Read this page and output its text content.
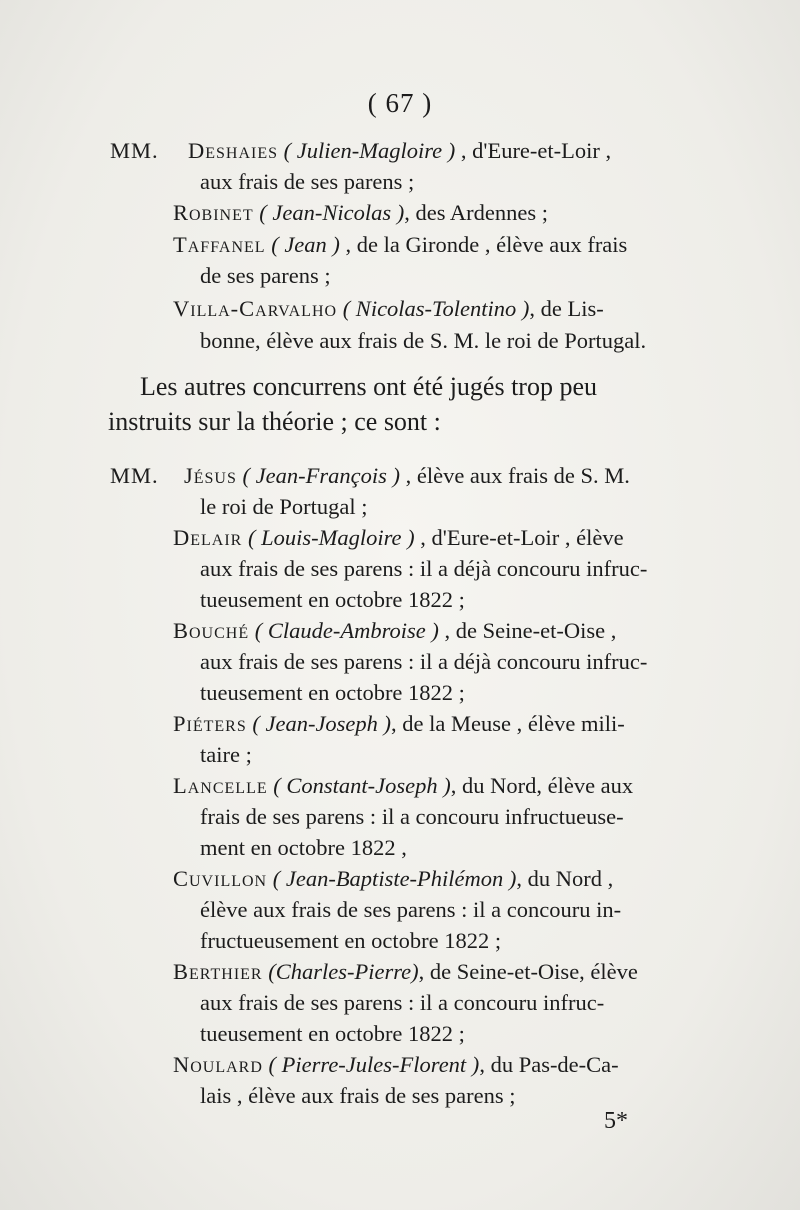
( 67 )
MM. Deshaies ( Julien-Magloire ) , d'Eure-et-Loir ,
aux frais de ses parens ;
Robinet ( Jean-Nicolas ), des Ardennes ;
Taffanel ( Jean ) , de la Gironde , élève aux frais
de ses parens ;
Villa-Carvalho ( Nicolas-Tolentino ), de Lis-
bonne, élève aux frais de S. M. le roi de Portugal.
Les autres concurrens ont été jugés trop peu
instruits sur la théorie ; ce sont :
MM. Jésus ( Jean-François ) , élève aux frais de S. M.
le roi de Portugal ;
Delair ( Louis-Magloire ) , d'Eure-et-Loir , élève
aux frais de ses parens : il a déjà concouru infruc-
tueusement en octobre 1822 ;
Bouché ( Claude-Ambroise ) , de Seine-et-Oise ,
aux frais de ses parens : il a déjà concouru infruc-
tueusement en octobre 1822 ;
Piéters ( Jean-Joseph ), de la Meuse , élève mili-
taire ;
Lancelle ( Constant-Joseph ), du Nord, élève aux
frais de ses parens : il a concouru infructueuse-
ment en octobre 1822 ,
Cuvillon ( Jean-Baptiste-Philémon ), du Nord ,
élève aux frais de ses parens : il a concouru in-
fructueusement en octobre 1822 ;
Berthier (Charles-Pierre), de Seine-et-Oise, élève
aux frais de ses parens : il a concouru infruc-
tueusement en octobre 1822 ;
Noulard ( Pierre-Jules-Florent ), du Pas-de-Ca-
lais , élève aux frais de ses parens ;
5*
